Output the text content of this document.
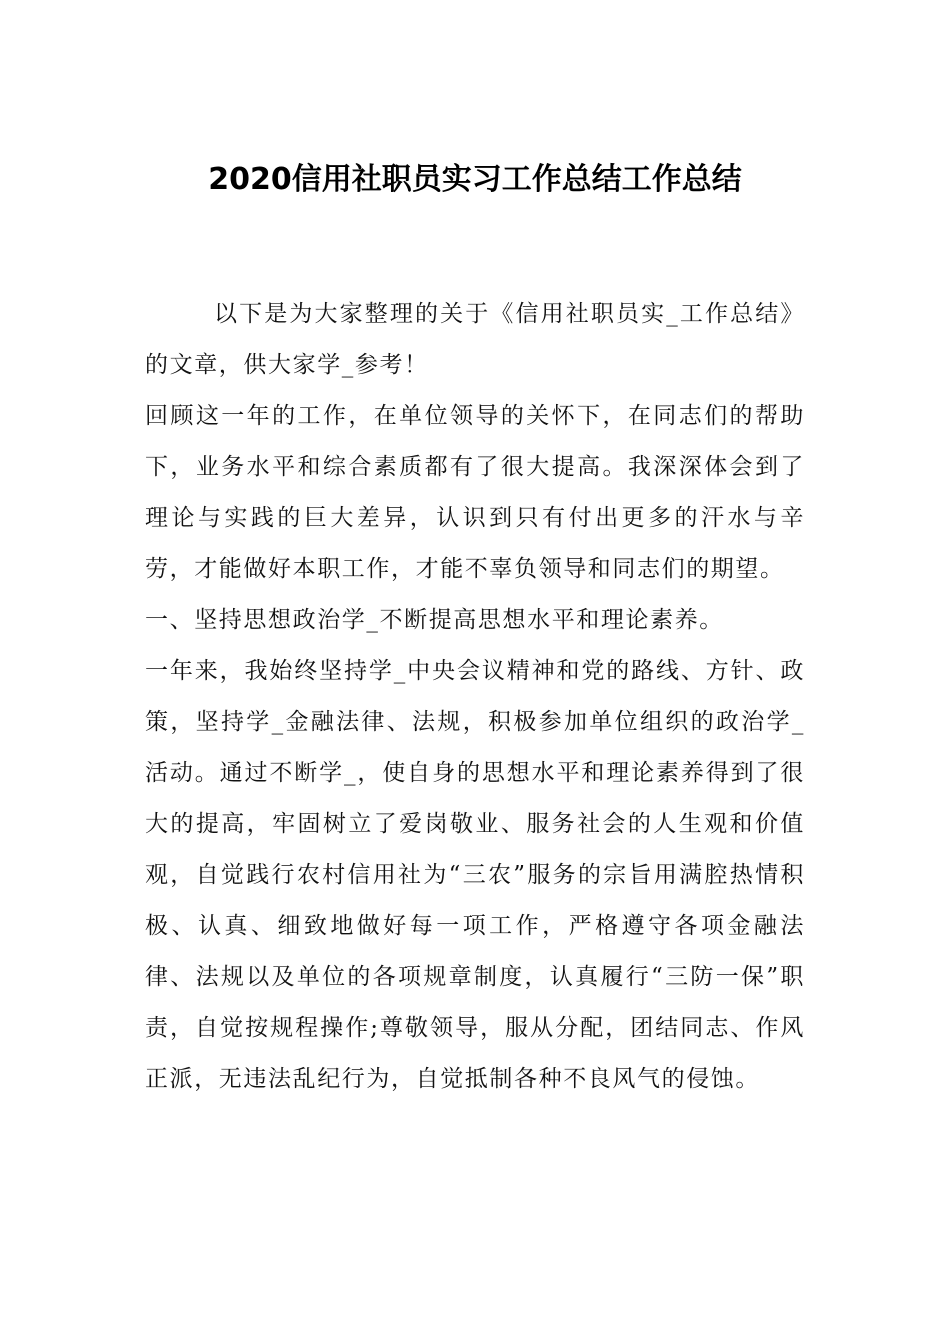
2020信用社职员实习工作总结工作总结

以下是为大家整理的关于《信用社职员实_工作总结》的文章，供大家学_参考！

回顾这一年的工作，在单位领导的关怀下，在同志们的帮助下，业务水平和综合素质都有了很大提高。我深深体会到了理论与实践的巨大差异，认识到只有付出更多的汗水与辛劳，才能做好本职工作，才能不辜负领导和同志们的期望。

一、坚持思想政治学_不断提高思想水平和理论素养。

一年来，我始终坚持学_中央会议精神和党的路线、方针、政策，坚持学_金融法律、法规，积极参加单位组织的政治学_活动。通过不断学_，使自身的思想水平和理论素养得到了很大的提高，牢固树立了爱岗敬业、服务社会的人生观和价值观，自觉践行农村信用社为“三农”服务的宗旨用满腔热情积极、认真、细致地做好每一项工作，严格遵守各项金融法律、法规以及单位的各项规章制度，认真履行“三防一保”职责，自觉按规程操作;尊敬领导，服从分配，团结同志、作风正派，无违法乱纪行为，自觉抵制各种不良风气的侵蚀。
